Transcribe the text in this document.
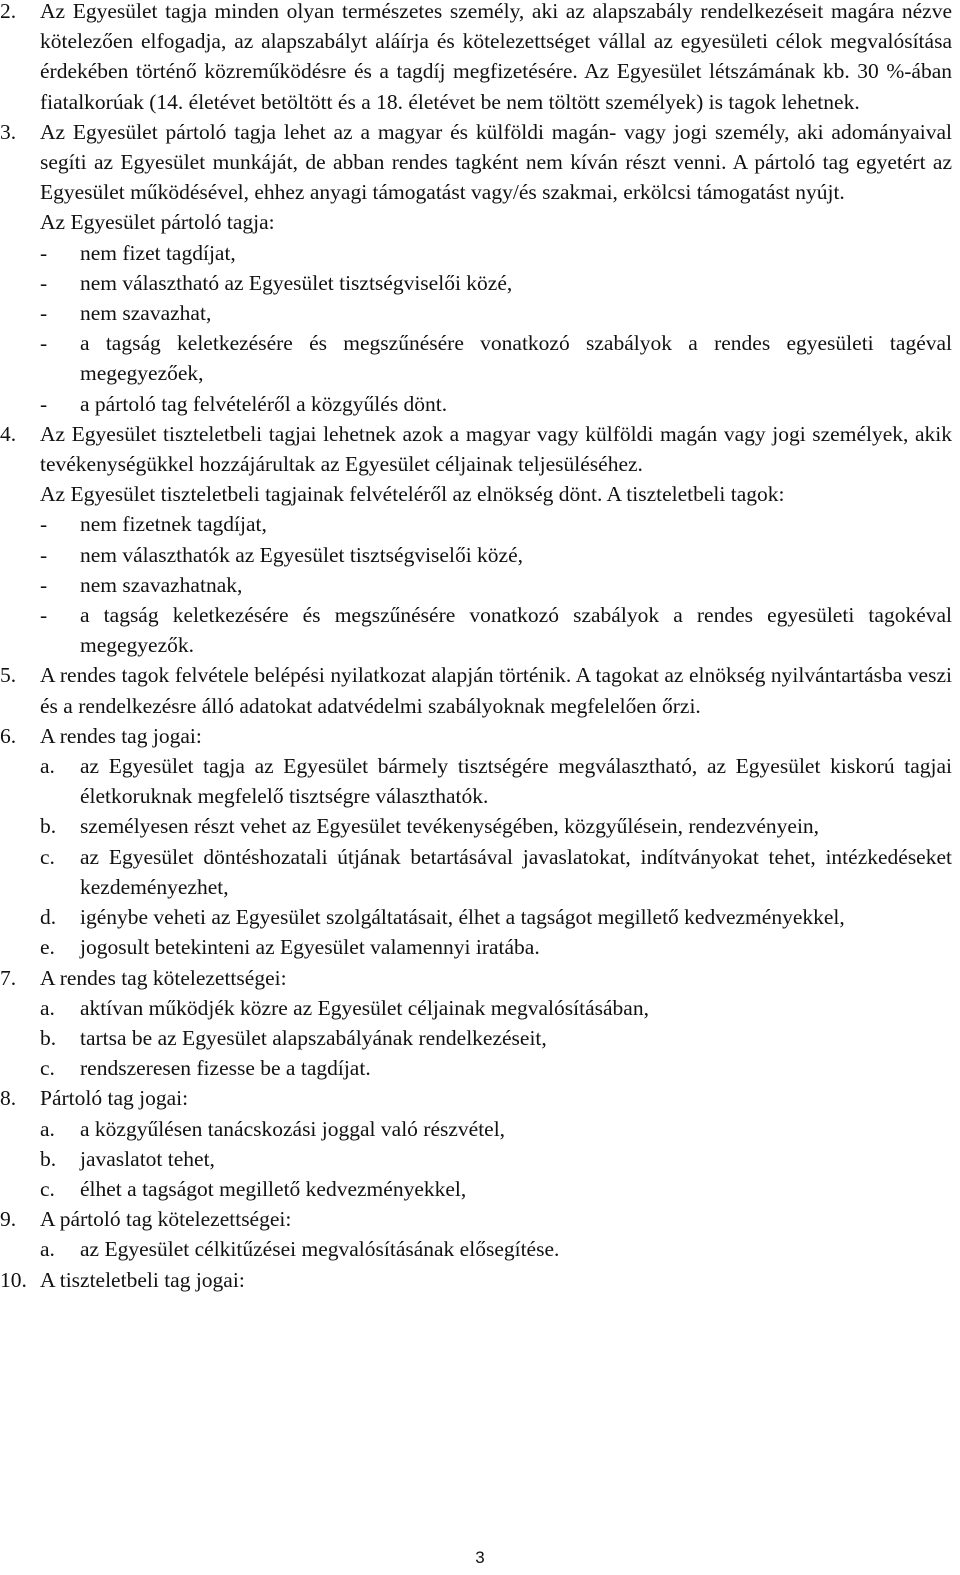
2.	Az Egyesület tagja minden olyan természetes személy, aki az alapszabály rendelkezéseit magára nézve kötelezően elfogadja, az alapszabályt aláírja és kötelezettséget vállal az egyesületi célok megvalósítása érdekében történő közreműködésre és a tagdíj megfizetésére. Az Egyesület létszámának kb. 30 %-ában fiatalkorúak (14. életévet betöltött és a 18. életévet be nem töltött személyek) is tagok lehetnek.
3.	Az Egyesület pártoló tagja lehet az a magyar és külföldi magán- vagy jogi személy, aki adományaival segíti az Egyesület munkáját, de abban rendes tagként nem kíván részt venni. A pártoló tag egyetért az Egyesület működésével, ehhez anyagi támogatást vagy/és szakmai, erkölcsi támogatást nyújt.
Az Egyesület pártoló tagja:
- nem fizet tagdíjat,
- nem választható az Egyesület tisztségviselői közé,
- nem szavazhat,
- a tagság keletkezésére és megszűnésére vonatkozó szabályok a rendes egyesületi tagéval megegyezőek,
- a pártoló tag felvételéről a közgyűlés dönt.
4.	Az Egyesület tiszteletbeli tagjai lehetnek azok a magyar vagy külföldi magán vagy jogi személyek, akik tevékenységükkel hozzájárultak az Egyesület céljainak teljesüléséhez.
Az Egyesület tiszteletbeli tagjainak felvételéről az elnökség dönt. A tiszteletbeli tagok:
- nem fizetnek tagdíjat,
- nem választhatók az Egyesület tisztségviselői közé,
- nem szavazhatnak,
- a tagság keletkezésére és megszűnésére vonatkozó szabályok a rendes egyesületi tagokéval megegyezők.
5.	A rendes tagok felvétele belépési nyilatkozat alapján történik. A tagokat az elnökség nyilvántartásba veszi és a rendelkezésre álló adatokat adatvédelmi szabályoknak megfelelően őrzi.
6.	A rendes tag jogai:
a.	az Egyesület tagja az Egyesület bármely tisztségére megválasztható, az Egyesület kiskorú tagjai életkoruknak megfelelő tisztségre választhatók.
b.	személyesen részt vehet az Egyesület tevékenységében, közgyűlésein, rendezvényein,
c.	az Egyesület döntéshozatali útjának betartásával javaslatokat, indítványokat tehet, intézkedéseket kezdeményezhet,
d.	igénybe veheti az Egyesület szolgáltatásait, élhet a tagságot megillető kedvezményekkel,
e.	jogosult betekinteni az Egyesület valamennyi iratába.
7.	A rendes tag kötelezettségei:
a.	aktívan működjék közre az Egyesület céljainak megvalósításában,
b.	tartsa be az Egyesület alapszabályának rendelkezéseit,
c.	rendszeresen fizesse be a tagdíjat.
8.	Pártoló tag jogai:
a.	a közgyűlésen tanácskozási joggal való részvétel,
b.	javaslatot tehet,
c.	élhet a tagságot megillető kedvezményekkel,
9.	A pártoló tag kötelezettségei:
a.	az Egyesület célkitűzései megvalósításának elősegítése.
10. A tiszteletbeli tag jogai:
3
